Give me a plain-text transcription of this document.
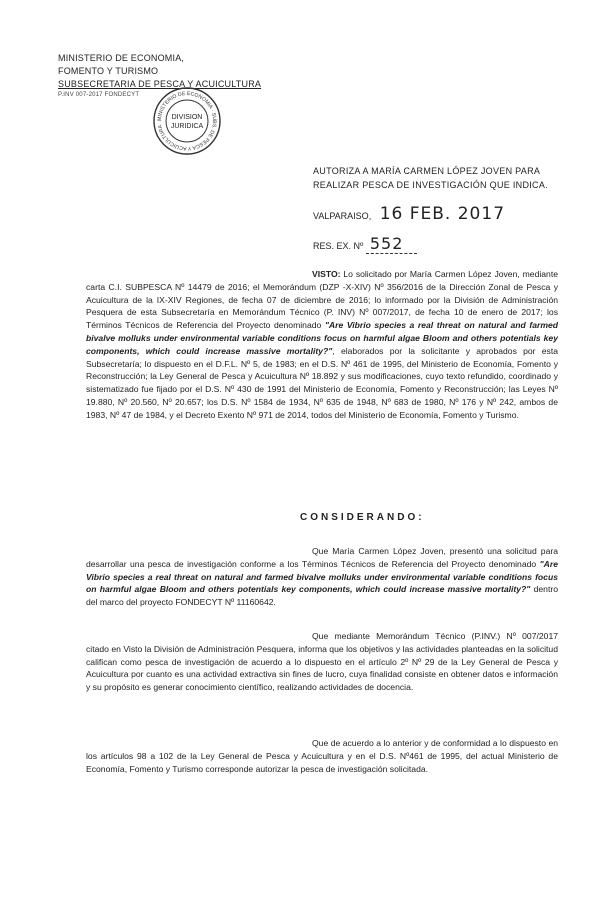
MINISTERIO DE ECONOMIA,
FOMENTO Y TURISMO
SUBSECRETARIA DE PESCA Y ACUICULTURA
P.INV 007-2017 FONDECYT
MINISTERIO DE ECONOMIA · SUBS. DE PESCA Y ACUICULTURA
DIVISION
JURIDICA
AUTORIZA A MARÍA CARMEN LÓPEZ JOVEN PARA REALIZAR PESCA DE INVESTIGACIÓN QUE INDICA.
VALPARAISO, 16 FEB. 2017
RES. EX. Nº 552

VISTO: Lo solicitado por María Carmen López Joven, mediante carta C.I. SUBPESCA Nº 14479 de 2016; el Memorándum (DZP -X-XIV) Nº 356/2016 de la Dirección Zonal de Pesca y Acuicultura de la IX-XIV Regiones, de fecha 07 de diciembre de 2016; lo informado por la División de Administración Pesquera de esta Subsecretaría en Memorándum Técnico (P. INV) Nº 007/2017, de fecha 10 de enero de 2017; los Términos Técnicos de Referencia del Proyecto denominado "Are Vibrio species a real threat on natural and farmed bivalve molluks under environmental variable conditions focus on harmful algae Bloom and others potentials key components, which could increase massive mortality?", elaborados por la solicitante y aprobados por esta Subsecretaría; lo dispuesto en el D.F.L. Nº 5, de 1983; en el D.S. Nº 461 de 1995, del Ministerio de Economía, Fomento y Reconstrucción; la Ley General de Pesca y Acuicultura Nº 18.892 y sus modificaciones, cuyo texto refundido, coordinado y sistematizado fue fijado por el D.S. Nº 430 de 1991 del Ministerio de Economía, Fomento y Reconstrucción; las Leyes Nº 19.880, Nº 20.560, Nº 20.657; los D.S. Nº 1584 de 1934, Nº 635 de 1948, Nº 683 de 1980, Nº 176 y Nº 242, ambos de 1983, Nº 47 de 1984, y el Decreto Exento Nº 971 de 2014, todos del Ministerio de Economía, Fomento y Turismo.

CONSIDERANDO:

Que María Carmen López Joven, presentó una solicitud para desarrollar una pesca de investigación conforme a los Términos Técnicos de Referencia del Proyecto denominado "Are Vibrio species a real threat on natural and farmed bivalve molluks under environmental variable conditions focus on harmful algae Bloom and others potentials key components, which could increase massive mortality?" dentro del marco del proyecto FONDECYT Nº 11160642.

Que mediante Memorándum Técnico (P.INV.) Nº 007/2017 citado en Visto la División de Administración Pesquera, informa que los objetivos y las actividades planteadas en la solicitud califican como pesca de investigación de acuerdo a lo dispuesto en el artículo 2º Nº 29 de la Ley General de Pesca y Acuicultura por cuanto es una actividad extractiva sin fines de lucro, cuya finalidad consiste en obtener datos e información y su propósito es generar conocimiento científico, realizando actividades de docencia.

Que de acuerdo a lo anterior y de conformidad a lo dispuesto en los artículos 98 a 102 de la Ley General de Pesca y Acuicultura y en el D.S. Nº461 de 1995, del actual Ministerio de Economía, Fomento y Turismo corresponde autorizar la pesca de investigación solicitada.
